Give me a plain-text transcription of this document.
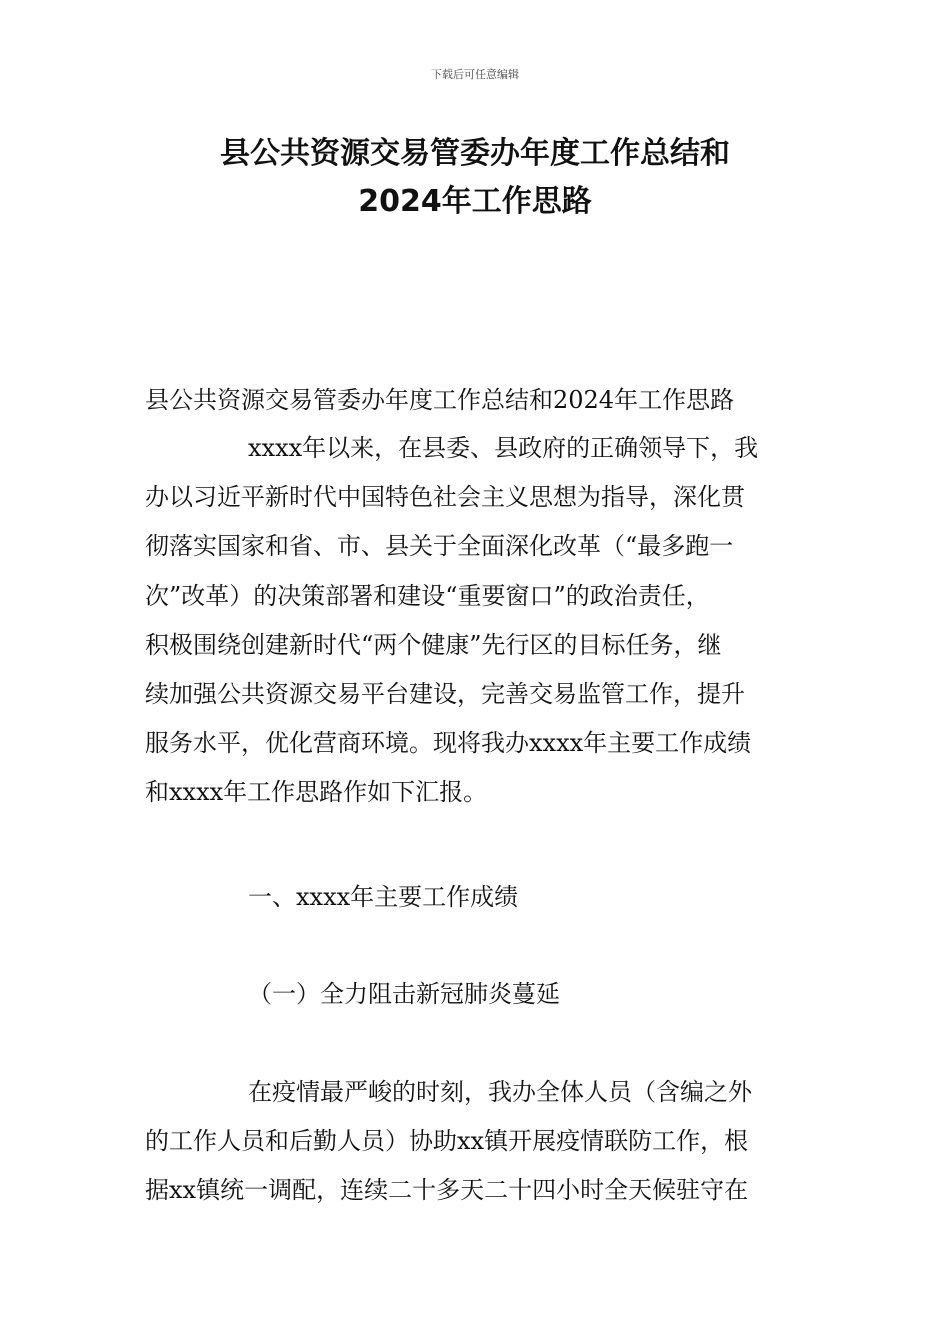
下载后可任意编辑
县公共资源交易管委办年度工作总结和
2024年工作思路
县公共资源交易管委办年度工作总结和2024年工作思路
xxxx年以来，在县委、县政府的正确领导下，我
办以习近平新时代中国特色社会主义思想为指导，深化贯
彻落实国家和省、市、县关于全面深化改革（“最多跑一
次”改革）的决策部署和建设“重要窗口”的政治责任，
积极围绕创建新时代“两个健康”先行区的目标任务，继
续加强公共资源交易平台建设，完善交易监管工作，提升
服务水平，优化营商环境。现将我办xxxx年主要工作成绩
和xxxx年工作思路作如下汇报。
一、xxxx年主要工作成绩
（一）全力阻击新冠肺炎蔓延
在疫情最严峻的时刻，我办全体人员（含编之外
的工作人员和后勤人员）协助xx镇开展疫情联防工作，根
据xx镇统一调配，连续二十多天二十四小时全天候驻守在
